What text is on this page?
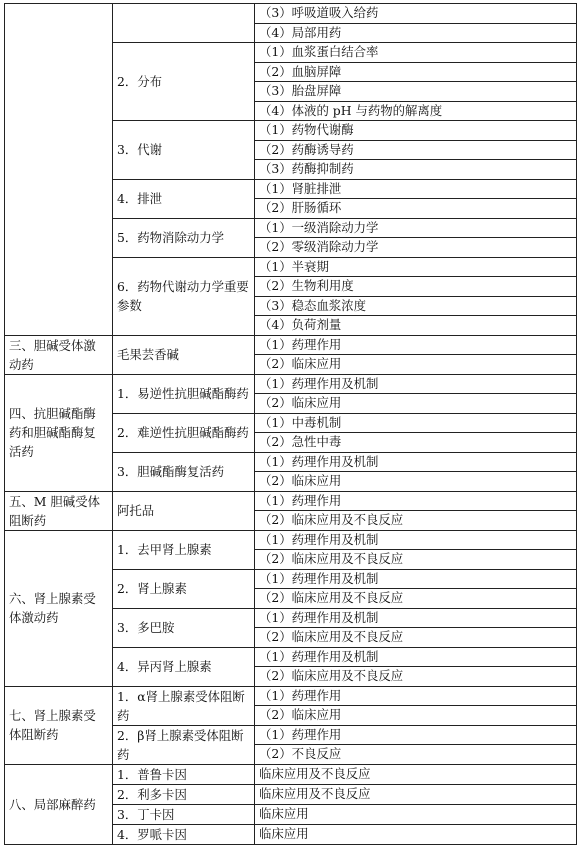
		（3）呼吸道吸入给药
		（4）局部用药
	2．分布	（1）血浆蛋白结合率
		（2）血脑屏障
		（3）胎盘屏障
		（4）体液的 pH 与药物的解离度
	3．代谢	（1）药物代谢酶
		（2）药酶诱导药
		（3）药酶抑制药
	4．排泄	（1）肾脏排泄
		（2）肝肠循环
	5．药物消除动力学	（1）一级消除动力学
		（2）零级消除动力学
	6．药物代谢动力学重要参数	（1）半衰期
		（2）生物利用度
		（3）稳态血浆浓度
		（4）负荷剂量
三、胆碱受体激动药	毛果芸香碱	（1）药理作用
		（2）临床应用
四、抗胆碱酯酶药和胆碱酯酶复活药	1．易逆性抗胆碱酯酶药	（1）药理作用及机制
		（2）临床应用
	2．难逆性抗胆碱酯酶药	（1）中毒机制
		（2）急性中毒
	3．胆碱酯酶复活药	（1）药理作用及机制
		（2）临床应用
五、M 胆碱受体阻断药	阿托品	（1）药理作用
		（2）临床应用及不良反应
六、肾上腺素受体激动药	1．去甲肾上腺素	（1）药理作用及机制
		（2）临床应用及不良反应
	2．肾上腺素	（1）药理作用及机制
		（2）临床应用及不良反应
	3．多巴胺	（1）药理作用及机制
		（2）临床应用及不良反应
	4．异丙肾上腺素	（1）药理作用及机制
		（2）临床应用及不良反应
七、肾上腺素受体阻断药	1．α肾上腺素受体阻断药	（1）药理作用
		（2）临床应用
	2．β肾上腺素受体阻断药	（1）药理作用
		（2）不良反应
八、局部麻醉药	1．普鲁卡因	临床应用及不良反应
	2．利多卡因	临床应用及不良反应
	3．丁卡因	临床应用
	4．罗哌卡因	临床应用
